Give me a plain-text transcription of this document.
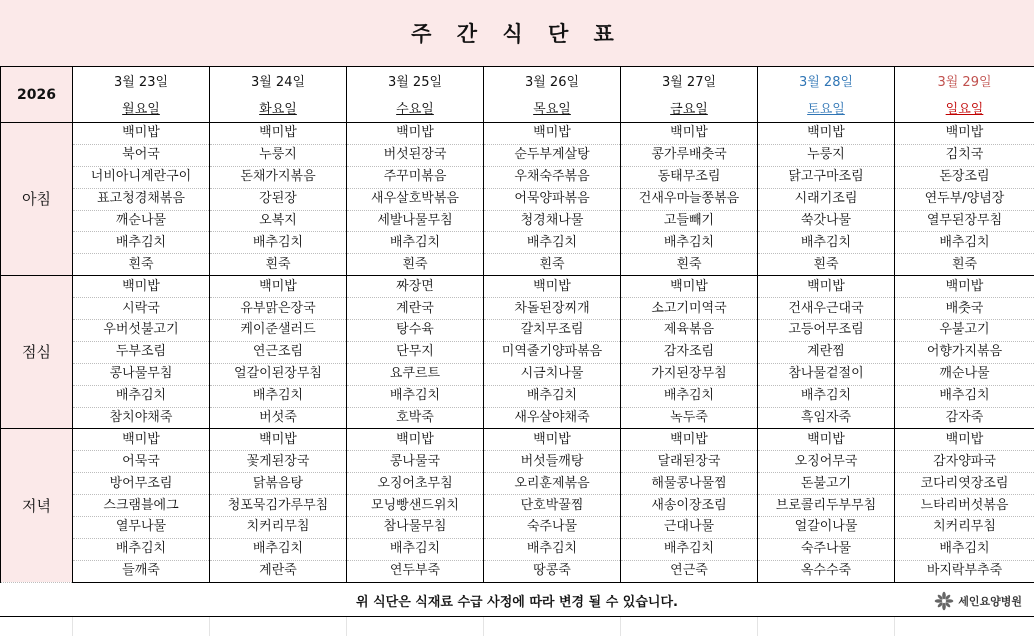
주 간 식 단 표
2026	3월 23일	3월 24일	3월 25일	3월 26일	3월 27일	3월 28일	3월 29일
	월요일	화요일	수요일	목요일	금요일	토요일	일요일
아침	백미밥	백미밥	백미밥	백미밥	백미밥	백미밥	백미밥
	북어국	누룽지	버섯된장국	순두부계살탕	콩가루배춧국	누룽지	김치국
	너비아니계란구이	돈채가지볶음	주꾸미볶음	우채숙주볶음	동태무조림	닭고구마조림	돈장조림
	표고청경채볶음	강된장	새우살호박볶음	어묵양파볶음	건새우마늘쫑볶음	시래기조림	연두부/양념장
	깨순나물	오복지	세발나물무침	청경채나물	고들빼기	쑥갓나물	열무된장무침
	배추김치	배추김치	배추김치	배추김치	배추김치	배추김치	배추김치
	흰죽	흰죽	흰죽	흰죽	흰죽	흰죽	흰죽
점심	백미밥	백미밥	짜장면	백미밥	백미밥	백미밥	백미밥
	시락국	유부맑은장국	계란국	차돌된장찌개	소고기미역국	건새우근대국	배춧국
	우버섯불고기	케이준샐러드	탕수육	갈치무조림	제육볶음	고등어무조림	우불고기
	두부조림	연근조림	단무지	미역줄기양파볶음	감자조림	계란찜	어향가지볶음
	콩나물무침	얼갈이된장무침	요쿠르트	시금치나물	가지된장무침	참나물겉절이	깨순나물
	배추김치	배추김치	배추김치	배추김치	배추김치	배추김치	배추김치
	참치야채죽	버섯죽	호박죽	새우살야채죽	녹두죽	흑임자죽	감자죽
저녁	백미밥	백미밥	백미밥	백미밥	백미밥	백미밥	백미밥
	어묵국	꽃게된장국	콩나물국	버섯들깨탕	달래된장국	오징어무국	감자양파국
	방어무조림	닭볶음탕	오징어초무침	오리훈제볶음	해물콩나물찜	돈불고기	코다리엿장조림
	스크램블에그	청포묵김가루무침	모닝빵샌드위치	단호박꿀찜	새송이장조림	브로콜리두부무침	느타리버섯볶음
	열무나물	치커리무침	참나물무침	숙주나물	근대나물	얼갈이나물	치커리무침
	배추김치	배추김치	배추김치	배추김치	배추김치	숙주나물	배추김치
	들깨죽	계란죽	연두부죽	땅콩죽	연근죽	옥수수죽	바지락부추죽
위 식단은 식재료 수급 사정에 따라 변경 될 수 있습니다.	세인요양병원
